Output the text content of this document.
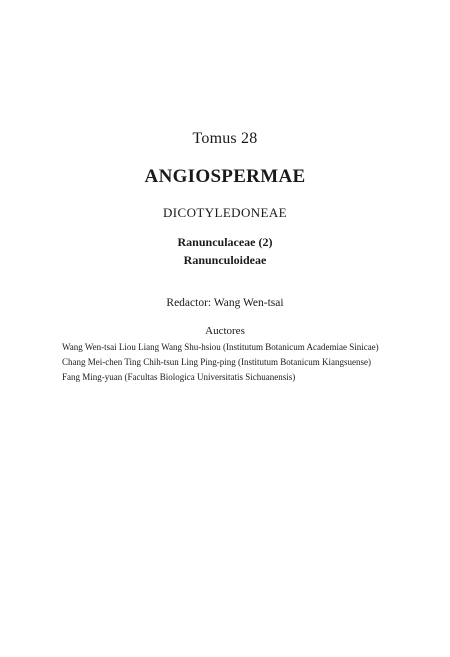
Tomus 28
ANGIOSPERMAE
DICOTYLEDONEAE
Ranunculaceae (2)
Ranunculoideae
Redactor: Wang Wen-tsai
Auctores
Wang Wen-tsai Liou Liang Wang Shu-hsiou (Institutum Botanicum Academiae Sinicae)
Chang Mei-chen Ting Chih-tsun Ling Ping-ping (Institutum Botanicum Kiangsuense)
Fang Ming-yuan (Facultas Biologica Universitatis Sichuanensis)
